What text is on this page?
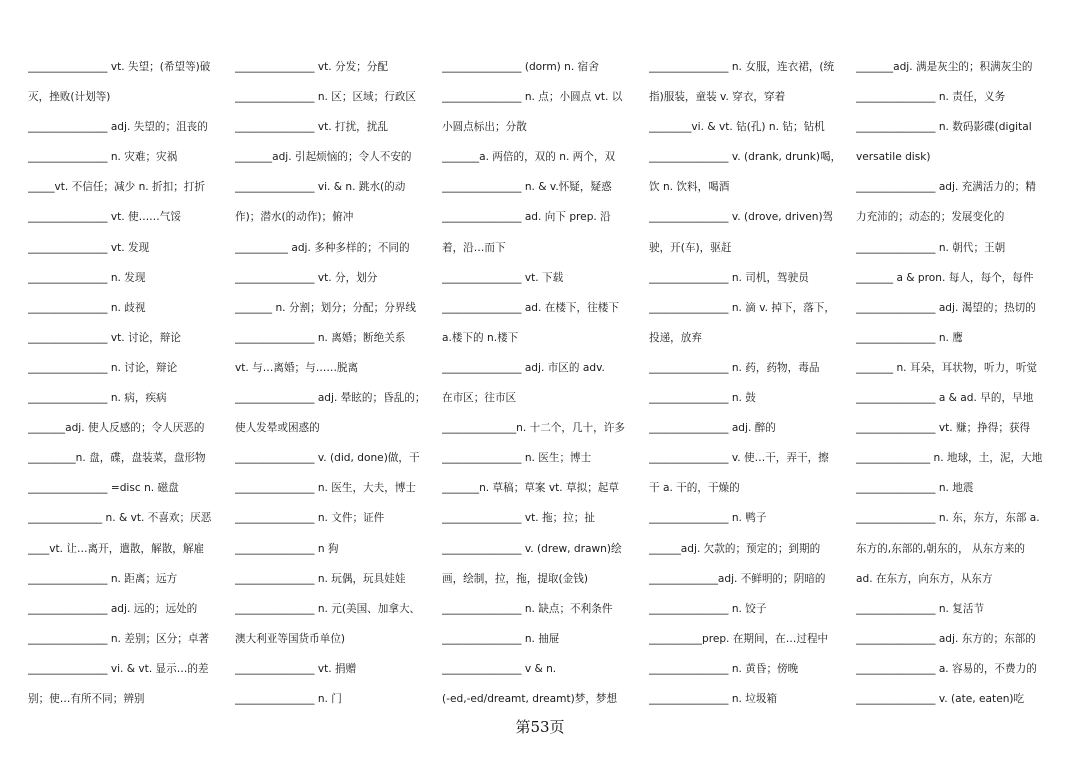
_______________ vt. 失望；(希望等)破
灭，挫败(计划等)
_______________ adj. 失望的；沮丧的
_______________ n. 灾难；灾祸
_____vt. 不信任；减少 n. 折扣；打折
_______________ vt. 使……气馁
_______________ vt. 发现
_______________ n. 发现
_______________ n. 歧视
_______________ vt. 讨论，辩论
_______________ n. 讨论，辩论
_______________ n. 病，疾病
_______adj. 使人反感的；令人厌恶的
_________n. 盘，碟，盘装菜，盘形物
_______________ =disc n. 磁盘
______________ n. & vt. 不喜欢；厌恶
____vt. 让…离开，遣散，解散，解雇
_______________ n. 距离；远方
_______________ adj. 远的；远处的
_______________ n. 差别；区分；卓著
_______________ vi. & vt. 显示…的差
别；使…有所不同；辨别
_______________ vt. 分发；分配
_______________ n. 区；区域；行政区
_______________ vt. 打扰，扰乱
_______adj. 引起烦恼的；令人不安的
_______________ vi. & n. 跳水(的动
作)；潜水(的动作)；俯冲
__________ adj. 多种多样的；不同的
_______________ vt. 分，划分
_______ n. 分割；划分；分配；分界线
_______________ n. 离婚；断绝关系
vt. 与…离婚；与……脱离
_______________ adj. 晕眩的；昏乱的；
使人发晕或困惑的
_______________ v. (did, done)做，干
_______________ n. 医生，大夫，博士
_______________ n. 文件；证件
_______________ n 狗
_______________ n. 玩偶，玩具娃娃
_______________ n. 元(美国、加拿大、
澳大利亚等国货币单位)
_______________ vt. 捐赠
_______________ n. 门
_______________ (dorm) n. 宿舍
_______________ n. 点；小圆点 vt. 以
小圆点标出；分散
_______a. 两倍的，双的 n. 两个，双
_______________ n. & v.怀疑，疑惑
_______________ ad. 向下 prep. 沿
着，沿…而下
_______________ vt. 下载
_______________ ad. 在楼下，往楼下
a.楼下的 n.楼下
_______________ adj. 市区的 adv.
在市区；往市区
______________n. 十二个，几十，许多
_______________ n. 医生；博士
_______n. 草稿；草案 vt. 草拟；起草
_______________ vt. 拖；拉；扯
_______________ v. (drew, drawn)绘
画，绘制，拉，拖，提取(金钱)
_______________ n. 缺点；不利条件
_______________ n. 抽屉
_______________ v & n.
(-ed,-ed/dreamt, dreamt)梦，梦想
_______________ n. 女服，连衣裙，(统
指)服装，童装 v. 穿衣，穿着
________vi. & vt. 钻(孔) n. 钻；钻机
_______________ v. (drank, drunk)喝，
饮 n. 饮料，喝酒
_______________ v. (drove, driven)驾
驶，开(车)，驱赶
_______________ n. 司机，驾驶员
_______________ n. 滴 v. 掉下，落下，
投递，放弃
_______________ n. 药，药物，毒品
_______________ n. 鼓
_______________ adj. 醉的
_______________ v. 使…干，弄干，擦
干 a. 干的，干燥的
_______________ n. 鸭子
______adj. 欠款的；预定的；到期的
_____________adj. 不鲜明的；阴暗的
_______________ n. 饺子
__________prep. 在期间，在…过程中
_______________ n. 黄昏；傍晚
_______________ n. 垃圾箱
_______adj. 满是灰尘的；积满灰尘的
_______________ n. 责任，义务
_______________ n. 数码影碟(digital
versatile disk)
_______________ adj. 充满活力的；精
力充沛的；动态的；发展变化的
_______________ n. 朝代；王朝
_______ a & pron. 每人，每个，每件
_______________ adj. 渴望的；热切的
_______________ n. 鹰
_______ n. 耳朵，耳状物，听力，听觉
_______________ a & ad. 早的，早地
_______________ vt. 赚；挣得；获得
______________ n. 地球，土，泥，大地
_______________ n. 地震
_______________ n. 东，东方，东部 a.
东方的,东部的,朝东的， 从东方来的
ad. 在东方，向东方，从东方
_______________ n. 复活节
_______________ adj. 东方的；东部的
_______________ a. 容易的，不费力的
_______________ v. (ate, eaten)吃
第53页
